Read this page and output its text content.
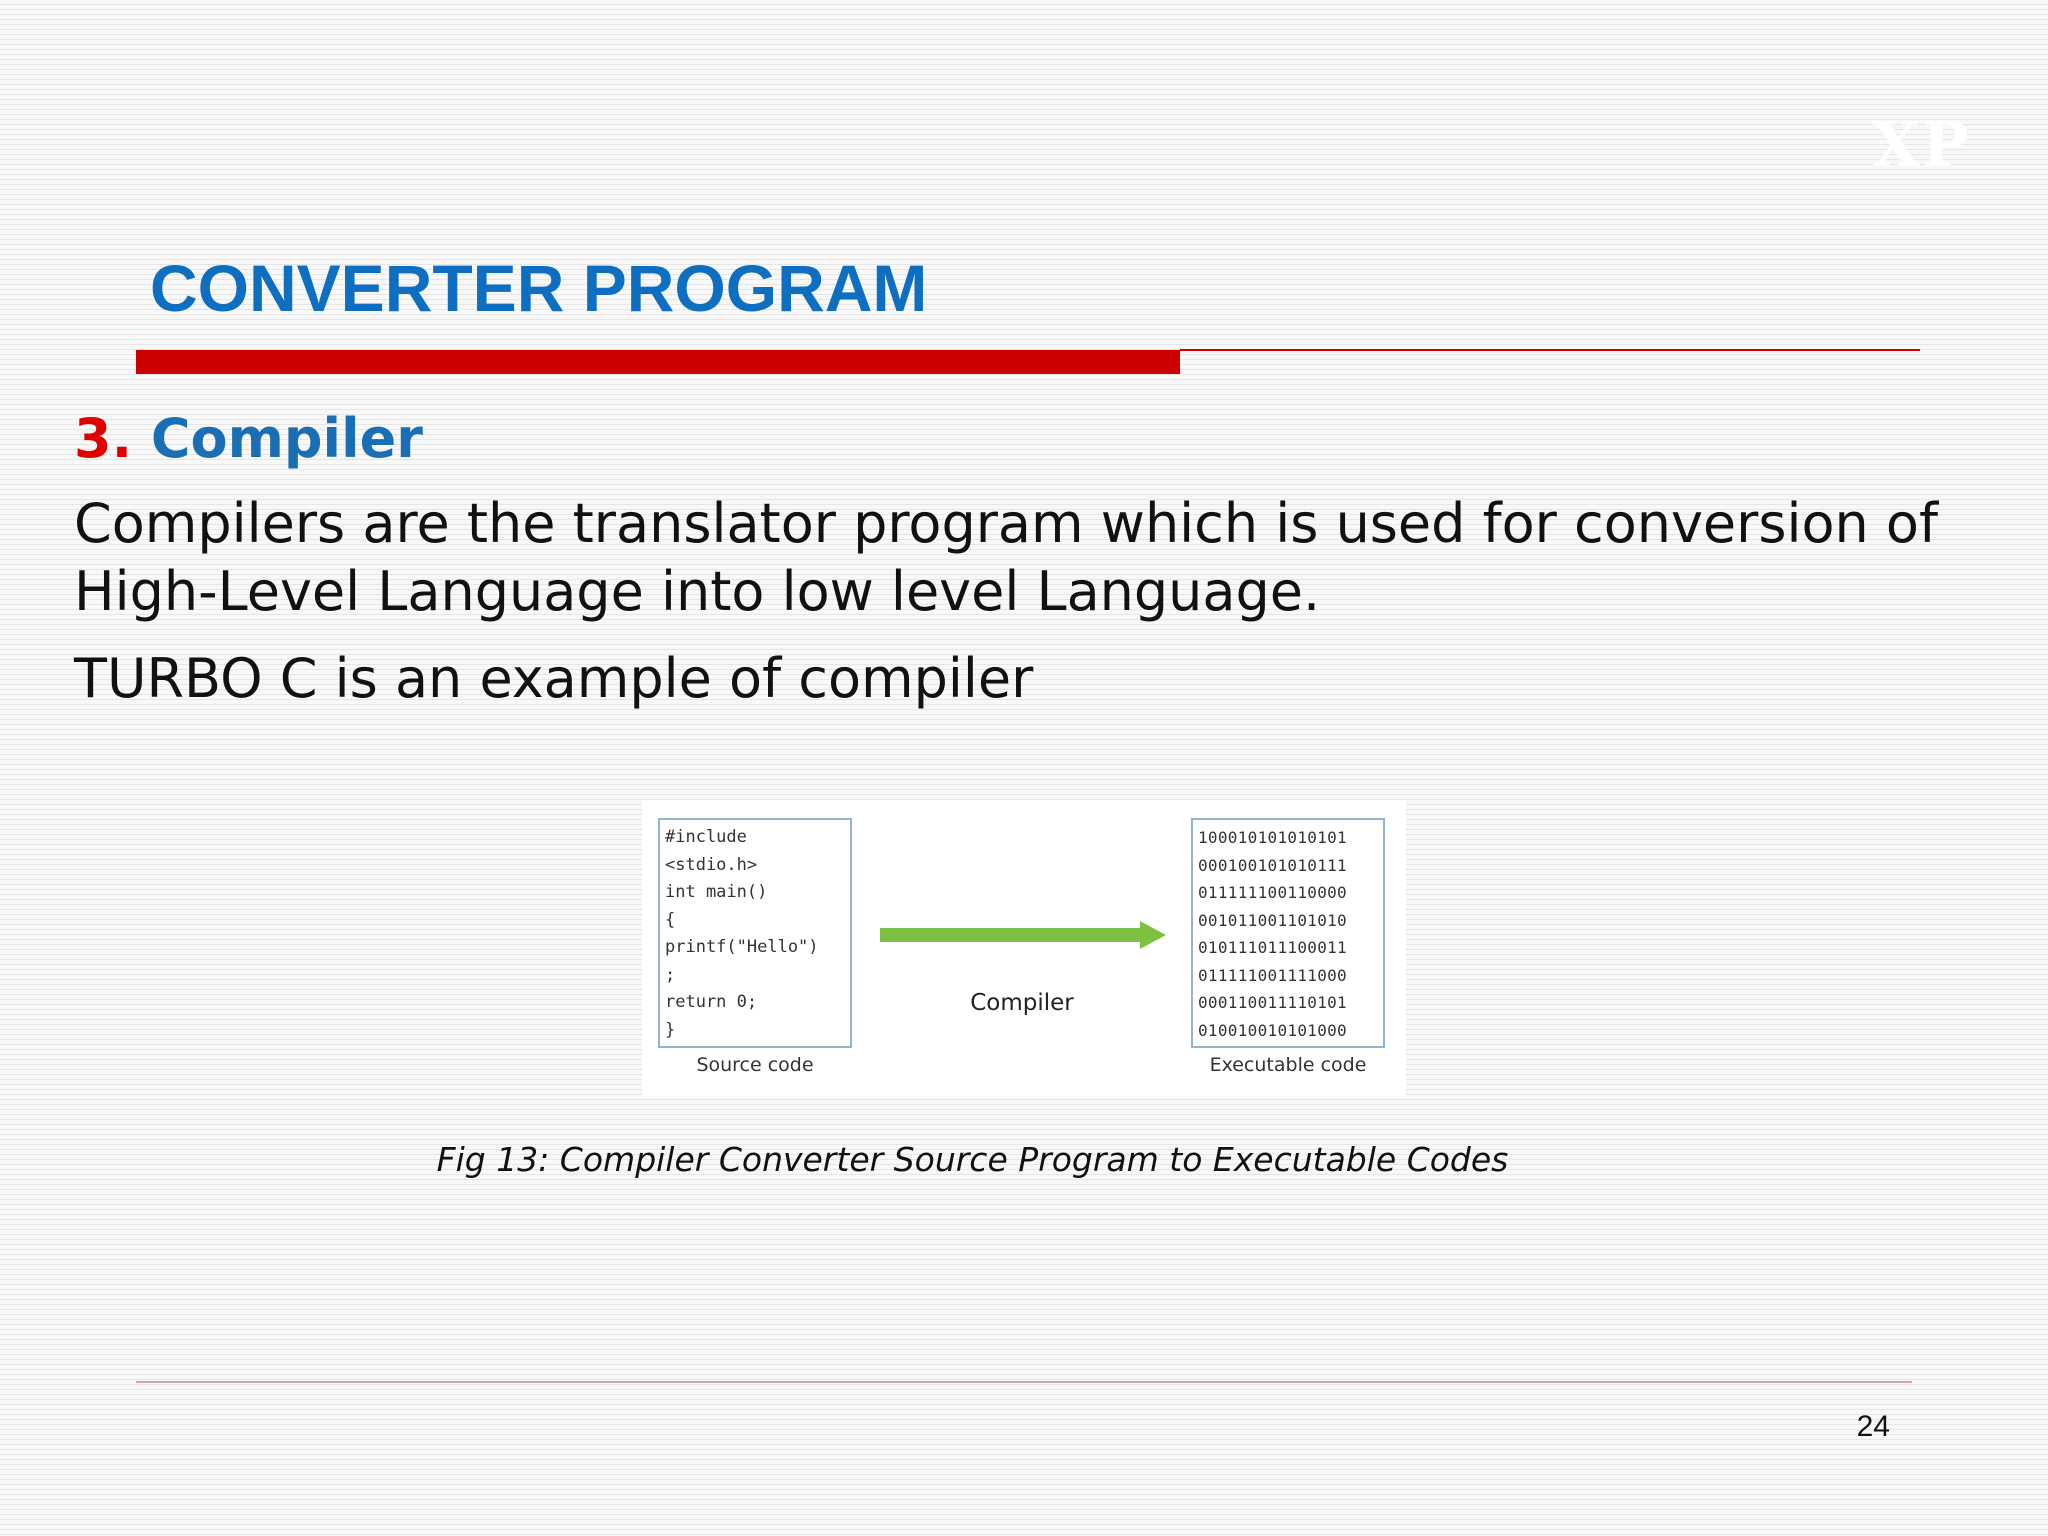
XP
CONVERTER PROGRAM
3. Compiler

Compilers are the translator program which is used for conversion of High-Level Language into low level Language.

TURBO C is an example of compiler

#include
<stdio.h>
int main()
{
printf("Hello")
;
return 0;
}
Source code
Compiler
100010101010101
000100101010111
011111100110000
001011001101010
010111011100011
011111001111000
000110011110101
010010010101000
Executable code

Fig 13: Compiler Converter Source Program to Executable Codes

24
